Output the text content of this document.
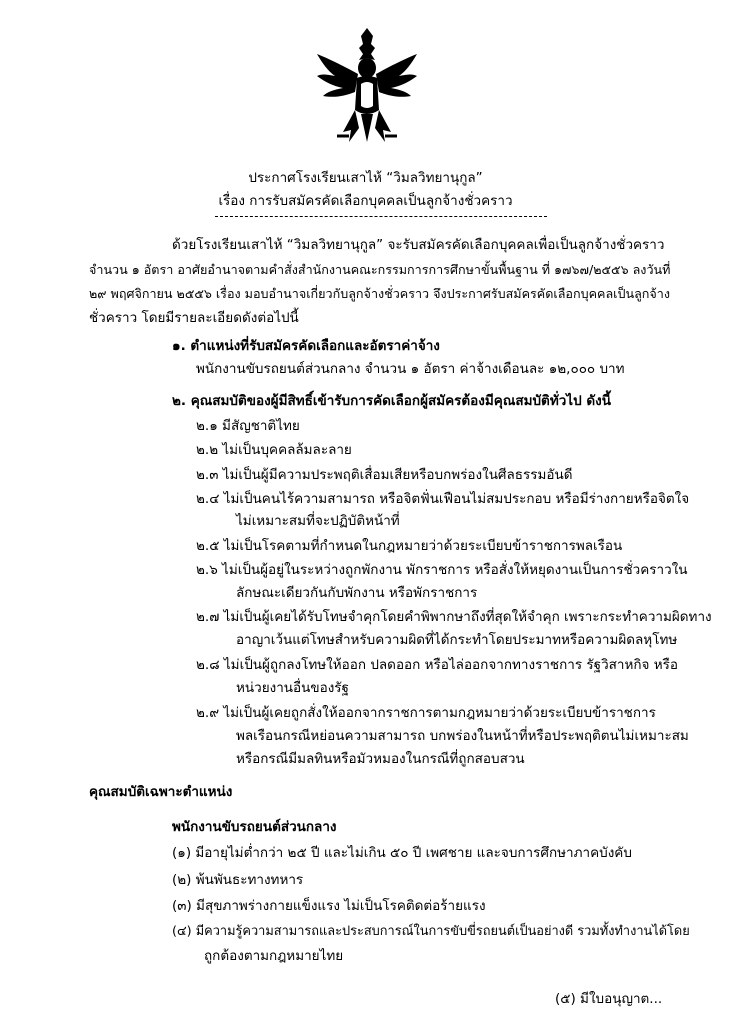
ประกาศโรงเรียนเสาไห้ “วิมลวิทยานุกูล”
เรื่อง การรับสมัครคัดเลือกบุคคลเป็นลูกจ้างชั่วคราว
ด้วยโรงเรียนเสาไห้ “วิมลวิทยานุกูล” จะรับสมัครคัดเลือกบุคคลเพื่อเป็นลูกจ้างชั่วคราว
จำนวน ๑ อัตรา อาศัยอำนาจตามคำสั่งสำนักงานคณะกรรมการการศึกษาขั้นพื้นฐาน ที่ ๑๗๖๗/๒๕๕๖ ลงวันที่
๒๙ พฤศจิกายน ๒๕๕๖ เรื่อง มอบอำนาจเกี่ยวกับลูกจ้างชั่วคราว จึงประกาศรับสมัครคัดเลือกบุคคลเป็นลูกจ้าง
ชั่วคราว โดยมีรายละเอียดดังต่อไปนี้
๑. ตำแหน่งที่รับสมัครคัดเลือกและอัตราค่าจ้าง
พนักงานขับรถยนต์ส่วนกลาง จำนวน ๑ อัตรา ค่าจ้างเดือนละ ๑๒,๐๐๐ บาท
๒. คุณสมบัติของผู้มีสิทธิ์เข้ารับการคัดเลือกผู้สมัครต้องมีคุณสมบัติทั่วไป ดังนี้
๒.๑ มีสัญชาติไทย
๒.๒ ไม่เป็นบุคคลล้มละลาย
๒.๓ ไม่เป็นผู้มีความประพฤติเสื่อมเสียหรือบกพร่องในศีลธรรมอันดี
๒.๔ ไม่เป็นคนไร้ความสามารถ หรือจิตฟั่นเฟือนไม่สมประกอบ หรือมีร่างกายหรือจิตใจ
ไม่เหมาะสมที่จะปฏิบัติหน้าที่
๒.๕ ไม่เป็นโรคตามที่กำหนดในกฎหมายว่าด้วยระเบียบข้าราชการพลเรือน
๒.๖ ไม่เป็นผู้อยู่ในระหว่างถูกพักงาน พักราชการ หรือสั่งให้หยุดงานเป็นการชั่วคราวใน
ลักษณะเดียวกันกับพักงาน หรือพักราชการ
๒.๗ ไม่เป็นผู้เคยได้รับโทษจำคุกโดยคำพิพากษาถึงที่สุดให้จำคุก เพราะกระทำความผิดทาง
อาญาเว้นแต่โทษสำหรับความผิดที่ได้กระทำโดยประมาทหรือความผิดลหุโทษ
๒.๘ ไม่เป็นผู้ถูกลงโทษให้ออก ปลดออก หรือไล่ออกจากทางราชการ รัฐวิสาหกิจ หรือ
หน่วยงานอื่นของรัฐ
๒.๙ ไม่เป็นผู้เคยถูกสั่งให้ออกจากราชการตามกฎหมายว่าด้วยระเบียบข้าราชการ
พลเรือนกรณีหย่อนความสามารถ บกพร่องในหน้าที่หรือประพฤติตนไม่เหมาะสม
หรือกรณีมีมลทินหรือมัวหมองในกรณีที่ถูกสอบสวน
คุณสมบัติเฉพาะตำแหน่ง
พนักงานขับรถยนต์ส่วนกลาง
(๑) มีอายุไม่ต่ำกว่า ๒๕ ปี และไม่เกิน ๕๐ ปี เพศชาย และจบการศึกษาภาคบังคับ
(๒) พ้นพันธะทางทหาร
(๓) มีสุขภาพร่างกายแข็งแรง ไม่เป็นโรคติดต่อร้ายแรง
(๔) มีความรู้ความสามารถและประสบการณ์ในการขับขี่รถยนต์เป็นอย่างดี รวมทั้งทำงานได้โดย
ถูกต้องตามกฎหมายไทย
(๕) มีใบอนุญาต...
